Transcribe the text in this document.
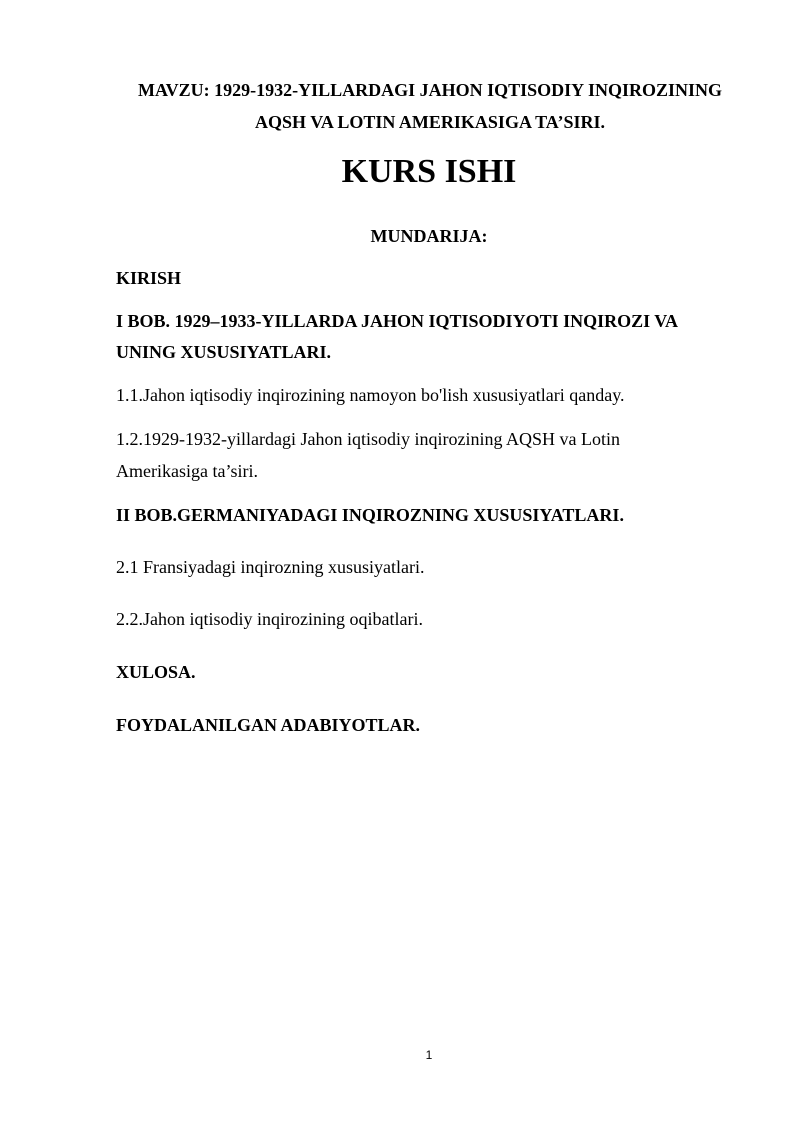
MAVZU: 1929-1932-YILLARDAGI JAHON IQTISODIY INQIROZINING
AQSH VA LOTIN AMERIKASIGA TA’SIRI.
KURS ISHI
MUNDARIJA:
KIRISH
I BOB. 1929–1933-YILLARDA JAHON IQTISODIYOTI INQIROZI VA
UNING XUSUSIYATLARI.
1.1.Jahon iqtisodiy inqirozining namoyon bo'lish xususiyatlari qanday.
1.2.1929-1932-yillardagi Jahon iqtisodiy inqirozining AQSH va Lotin
Amerikasiga ta’siri.
II BOB.GERMANIYADAGI INQIROZNING XUSUSIYATLARI.
2.1 Fransiyadagi inqirozning xususiyatlari.
2.2.Jahon iqtisodiy inqirozining oqibatlari.
XULOSA.
FOYDALANILGAN ADABIYOTLAR.
1
